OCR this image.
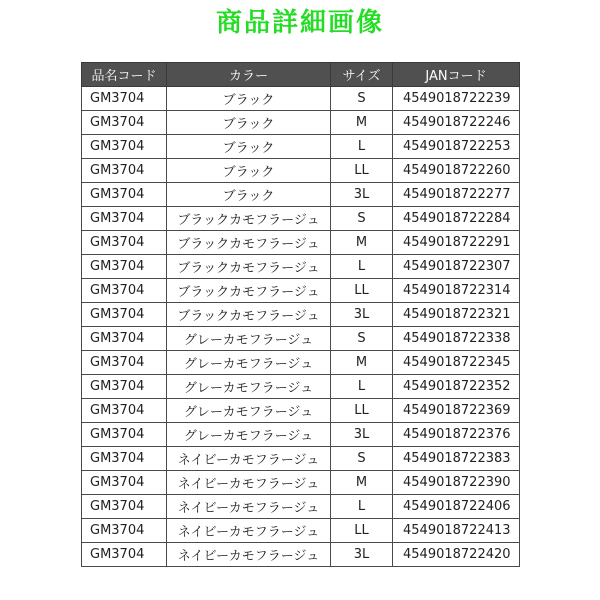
商品詳細画像
品名コード	カラー	サイズ	JANコード
GM3704	ブラック	S	4549018722239
GM3704	ブラック	M	4549018722246
GM3704	ブラック	L	4549018722253
GM3704	ブラック	LL	4549018722260
GM3704	ブラック	3L	4549018722277
GM3704	ブラックカモフラージュ	S	4549018722284
GM3704	ブラックカモフラージュ	M	4549018722291
GM3704	ブラックカモフラージュ	L	4549018722307
GM3704	ブラックカモフラージュ	LL	4549018722314
GM3704	ブラックカモフラージュ	3L	4549018722321
GM3704	グレーカモフラージュ	S	4549018722338
GM3704	グレーカモフラージュ	M	4549018722345
GM3704	グレーカモフラージュ	L	4549018722352
GM3704	グレーカモフラージュ	LL	4549018722369
GM3704	グレーカモフラージュ	3L	4549018722376
GM3704	ネイビーカモフラージュ	S	4549018722383
GM3704	ネイビーカモフラージュ	M	4549018722390
GM3704	ネイビーカモフラージュ	L	4549018722406
GM3704	ネイビーカモフラージュ	LL	4549018722413
GM3704	ネイビーカモフラージュ	3L	4549018722420
